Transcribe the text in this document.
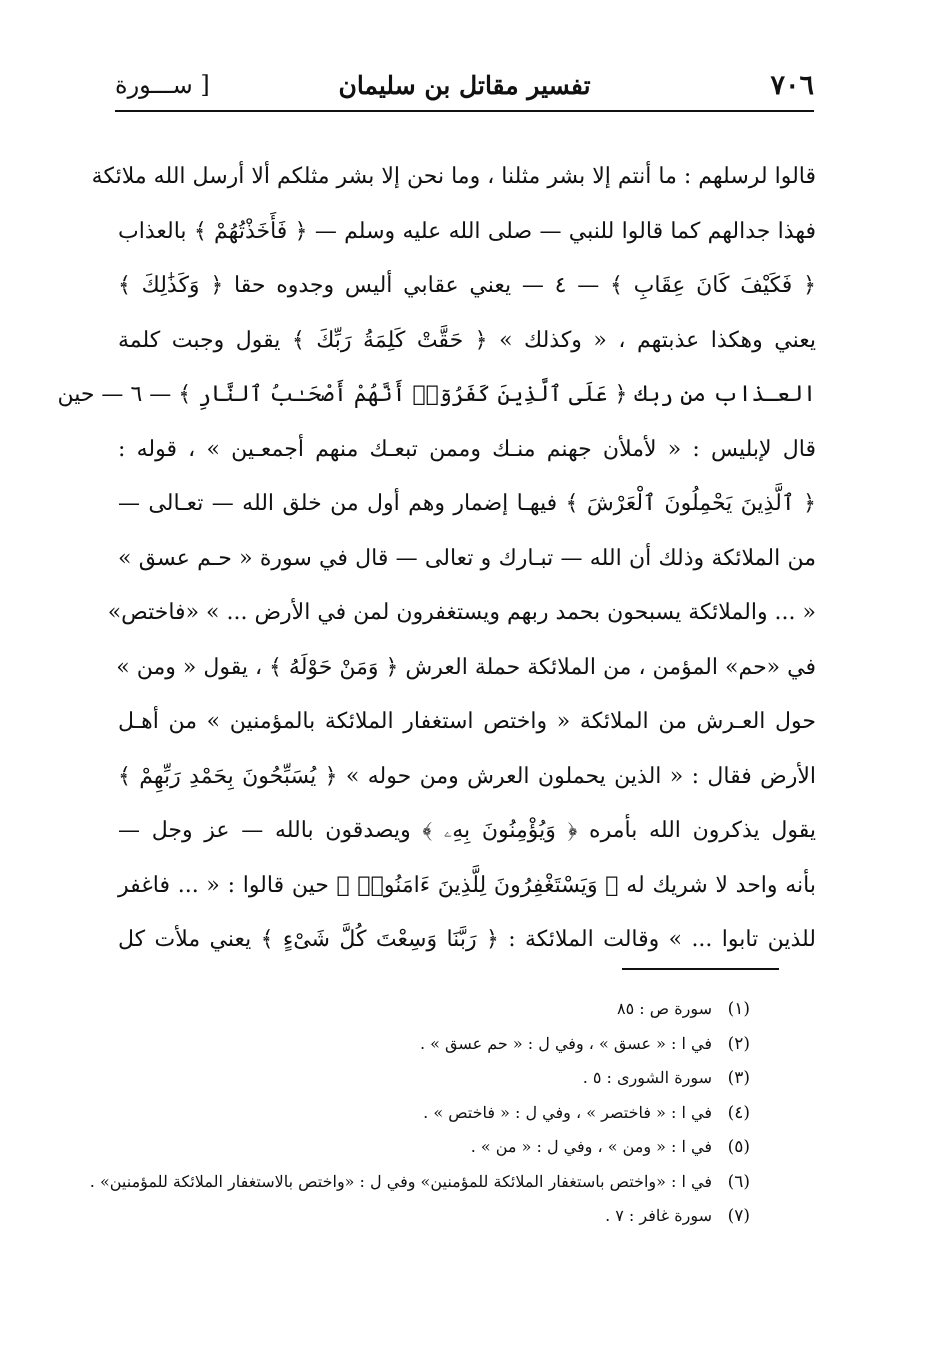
[ ســـورة	تفسير مقاتل بن سليمان	٧٠٦
قالوا لرسلهم : ما أنتم إلا بشر مثلنا ، وما نحن إلا بشر مثلكم ألا أرسل الله ملائكة
فهذا جدالهم كما قالوا للنبي — صلى الله عليه وسلم — ﴿ فَأَخَذْتُهُمْ ﴾ بالعذاب
﴿ فَكَيْفَ كَانَ عِقَابِ ﴾ — ٤ — يعني عقابي أليس وجدوه حقا ﴿ وَكَذَٰلِكَ ﴾
يعني وهكذا عذبتهم ، « وكذلك » ﴿ حَقَّتْ كَلِمَةُ رَبِّكَ ﴾ يقول وجبت كلمة
العـذاب من ربك ﴿ عَلَى ٱلَّذِينَ كَفَرُوٓا۟ أَنَّهُمْ أَصْحَـٰبُ ٱلنَّارِ ﴾ — ٦ — حين
قال لإبليس : « لأملأن جهنم منـك وممن تبعـك منهم أجمعـين » ، قوله :
﴿ ٱلَّذِينَ يَحْمِلُونَ ٱلْعَرْشَ ﴾ فيهـا إضمار وهم أول من خلق الله — تعـالى —
من الملائكة وذلك أن الله — تبـارك و تعالى — قال في سورة « حـم عسق »
« ... والملائكة يسبحون بحمد ربهم ويستغفرون لمن في الأرض ... » «فاختص»
في «حم» المؤمن ، من الملائكة حملة العرش ﴿ وَمَنْ حَوْلَهُ ﴾ ، يقول « ومن »
حول العـرش من الملائكة « واختص استغفار الملائكة بالمؤمنين » من أهـل
الأرض فقال : « الذين يحملون العرش ومن حوله » ﴿ يُسَبِّحُونَ بِحَمْدِ رَبِّهِمْ ﴾
يقول يذكرون الله بأمره ﴿ وَيُؤْمِنُونَ بِهِۦ ﴾ ويصدقون بالله — عز وجل —
بأنه واحد لا شريك له ﴿ وَيَسْتَغْفِرُونَ لِلَّذِينَ ءَامَنُوا۟ ﴾ حين قالوا : « ... فاغفر
للذين تابوا ... » وقالت الملائكة : ﴿ رَبَّنَا وَسِعْتَ كُلَّ شَىْءٍ ﴾ يعني ملأت كل
(١)سورة ص : ٨٥
(٢)في ا : « عسق » ، وفي ل : « حم عسق » .
(٣)سورة الشورى : ٥ .
(٤)في ا : « فاختصر » ، وفي ل : « فاختص » .
(٥)في ا : « ومن » ، وفي ل : « من » .
(٦)في ا : «واختص باستغفار الملائكة للمؤمنين» وفي ل : «واختص بالاستغفار الملائكة للمؤمنين» .
(٧)سورة غافر : ٧ .
